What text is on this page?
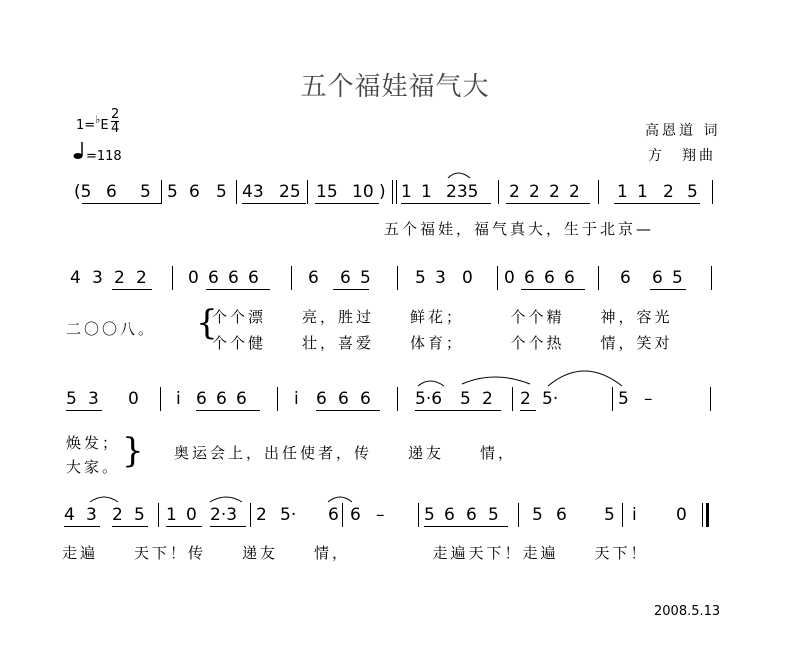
五个福娃福气大
1=♭E
2
4
=118
高恩道 词
方　翔曲
(5 6 5 5 6 5 43 25 15 10 ) 1 1 235 2 2 2 2 1 1 2 5
五个福娃，福气真大，生于北京—
4 3 2 2 0 6 6 6	6 6 5	5 3 0 0 6 6 6	6 6 5
二〇〇八。 {
个个漂　　亮，胜过　　鲜花；　　　个个精　　神，容光
个个健　　壮，喜爱　　体育；　　　个个热　　情，笑对
5 3 0 i 6 6 6	i 6 6 6	5·6 5 2 2 5·	5 –
焕发；
大家。 } 奥运会上，出任使者，传　　递友　　情，
4 3 2 5 1 0 2·3 2 5· 6 6 – 5 6 6 5 5 6 5 i 0
走遍　　天下！传　　递友　　情，　　　　　走遍天下！走遍　　天下！
2008.5.13
